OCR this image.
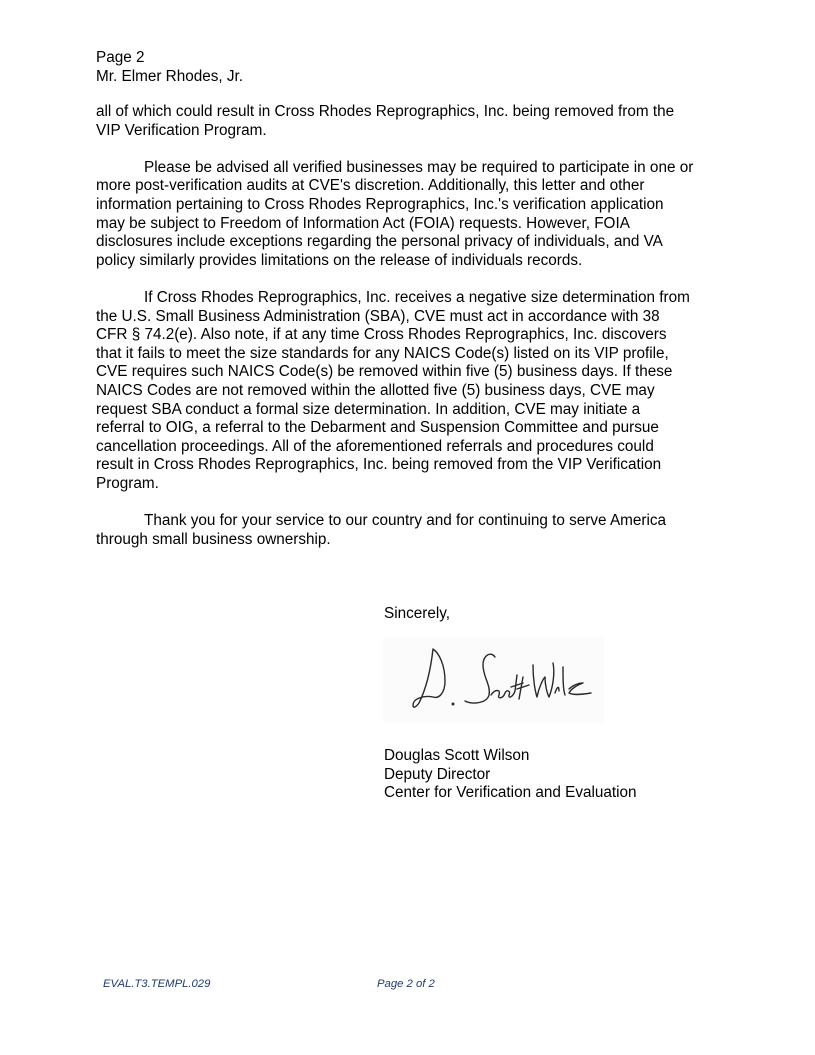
Page 2
Mr. Elmer Rhodes, Jr.

all of which could result in Cross Rhodes Reprographics, Inc. being removed from the
VIP Verification Program.

Please be advised all verified businesses may be required to participate in one or
more post-verification audits at CVE's discretion. Additionally, this letter and other
information pertaining to Cross Rhodes Reprographics, Inc.'s verification application
may be subject to Freedom of Information Act (FOIA) requests. However, FOIA
disclosures include exceptions regarding the personal privacy of individuals, and VA
policy similarly provides limitations on the release of individuals records.

If Cross Rhodes Reprographics, Inc. receives a negative size determination from
the U.S. Small Business Administration (SBA), CVE must act in accordance with 38
CFR § 74.2(e). Also note, if at any time Cross Rhodes Reprographics, Inc. discovers
that it fails to meet the size standards for any NAICS Code(s) listed on its VIP profile,
CVE requires such NAICS Code(s) be removed within five (5) business days. If these
NAICS Codes are not removed within the allotted five (5) business days, CVE may
request SBA conduct a formal size determination. In addition, CVE may initiate a
referral to OIG, a referral to the Debarment and Suspension Committee and pursue
cancellation proceedings. All of the aforementioned referrals and procedures could
result in Cross Rhodes Reprographics, Inc. being removed from the VIP Verification
Program.

Thank you for your service to our country and for continuing to serve America
through small business ownership.

Sincerely,
Douglas Scott Wilson
Deputy Director
Center for Verification and Evaluation
EVAL.T3.TEMPL.029	Page 2 of 2
